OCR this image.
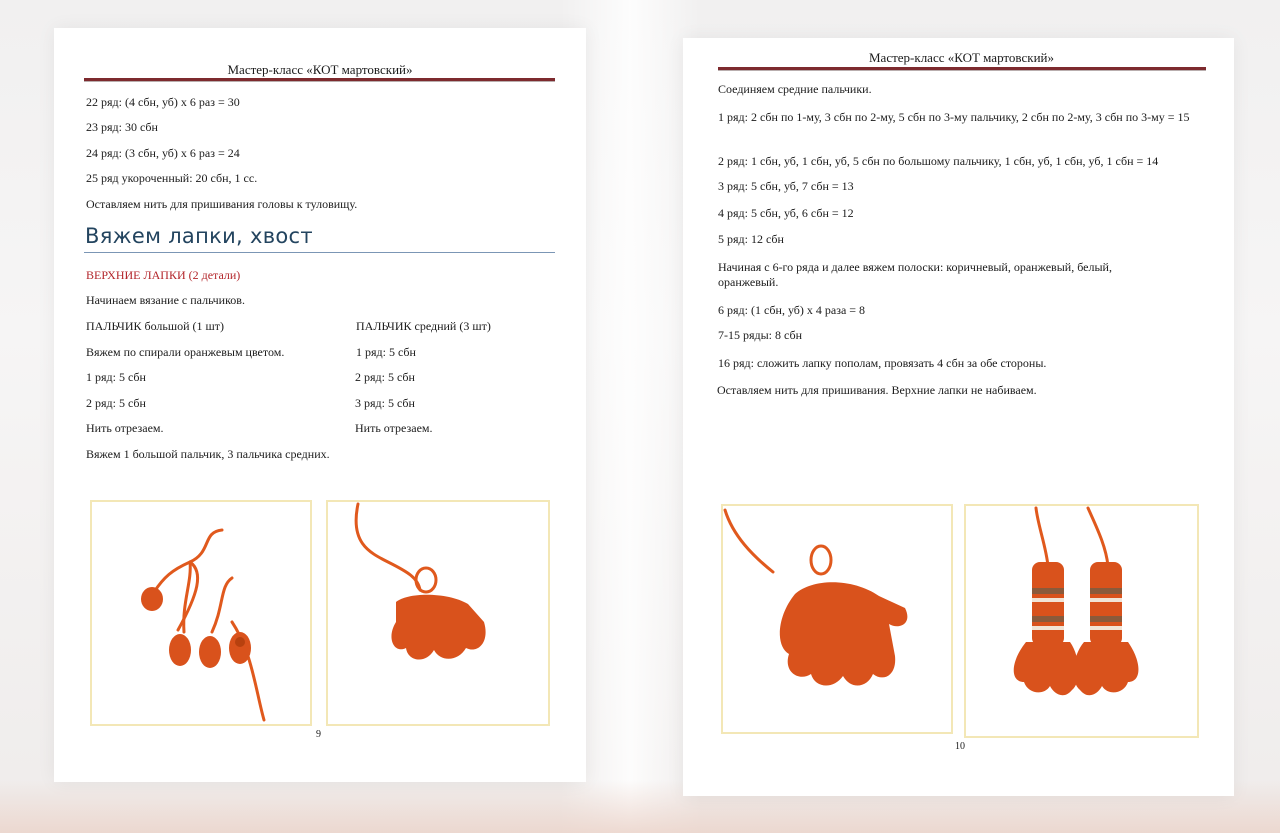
Мастер-класс «КОТ мартовский»
22 ряд: (4 сбн, уб) х 6 раз = 30
23 ряд: 30 сбн
24 ряд: (3 сбн, уб) х 6 раз = 24
25 ряд укороченный: 20 сбн, 1 сс.
Оставляем нить для пришивания головы к туловищу.
Вяжем лапки, хвост
ВЕРХНИЕ ЛАПКИ (2 детали)
Начинаем вязание с пальчиков.
ПАЛЬЧИК большой (1 шт)
Вяжем по спирали оранжевым цветом.
1 ряд: 5 сбн
2 ряд: 5 сбн
Нить отрезаем.
ПАЛЬЧИК средний (3 шт)
1 ряд: 5 сбн
2 ряд: 5 сбн
3 ряд: 5 сбн
Нить отрезаем.
Вяжем 1 большой пальчик, 3 пальчика средних.
9
Мастер-класс «КОТ мартовский»
Соединяем средние пальчики.
1 ряд: 2 сбн по 1-му, 3 сбн по 2-му, 5 сбн по 3-му пальчику, 2 сбн по 2-му, 3 сбн по 3-му = 15
2 ряд: 1 сбн, уб, 1 сбн, уб, 5 сбн по большому пальчику, 1 сбн, уб, 1 сбн, уб, 1 сбн = 14
3 ряд: 5 сбн, уб, 7 сбн = 13
4 ряд: 5 сбн, уб, 6 сбн = 12
5 ряд: 12 сбн
Начиная с 6-го ряда и далее вяжем полоски: коричневый, оранжевый, белый, оранжевый.
6 ряд: (1 сбн, уб) х 4 раза = 8
7-15 ряды: 8 сбн
16 ряд: сложить лапку пополам, провязать 4 сбн за обе стороны.
Оставляем нить для пришивания. Верхние лапки не набиваем.
10
